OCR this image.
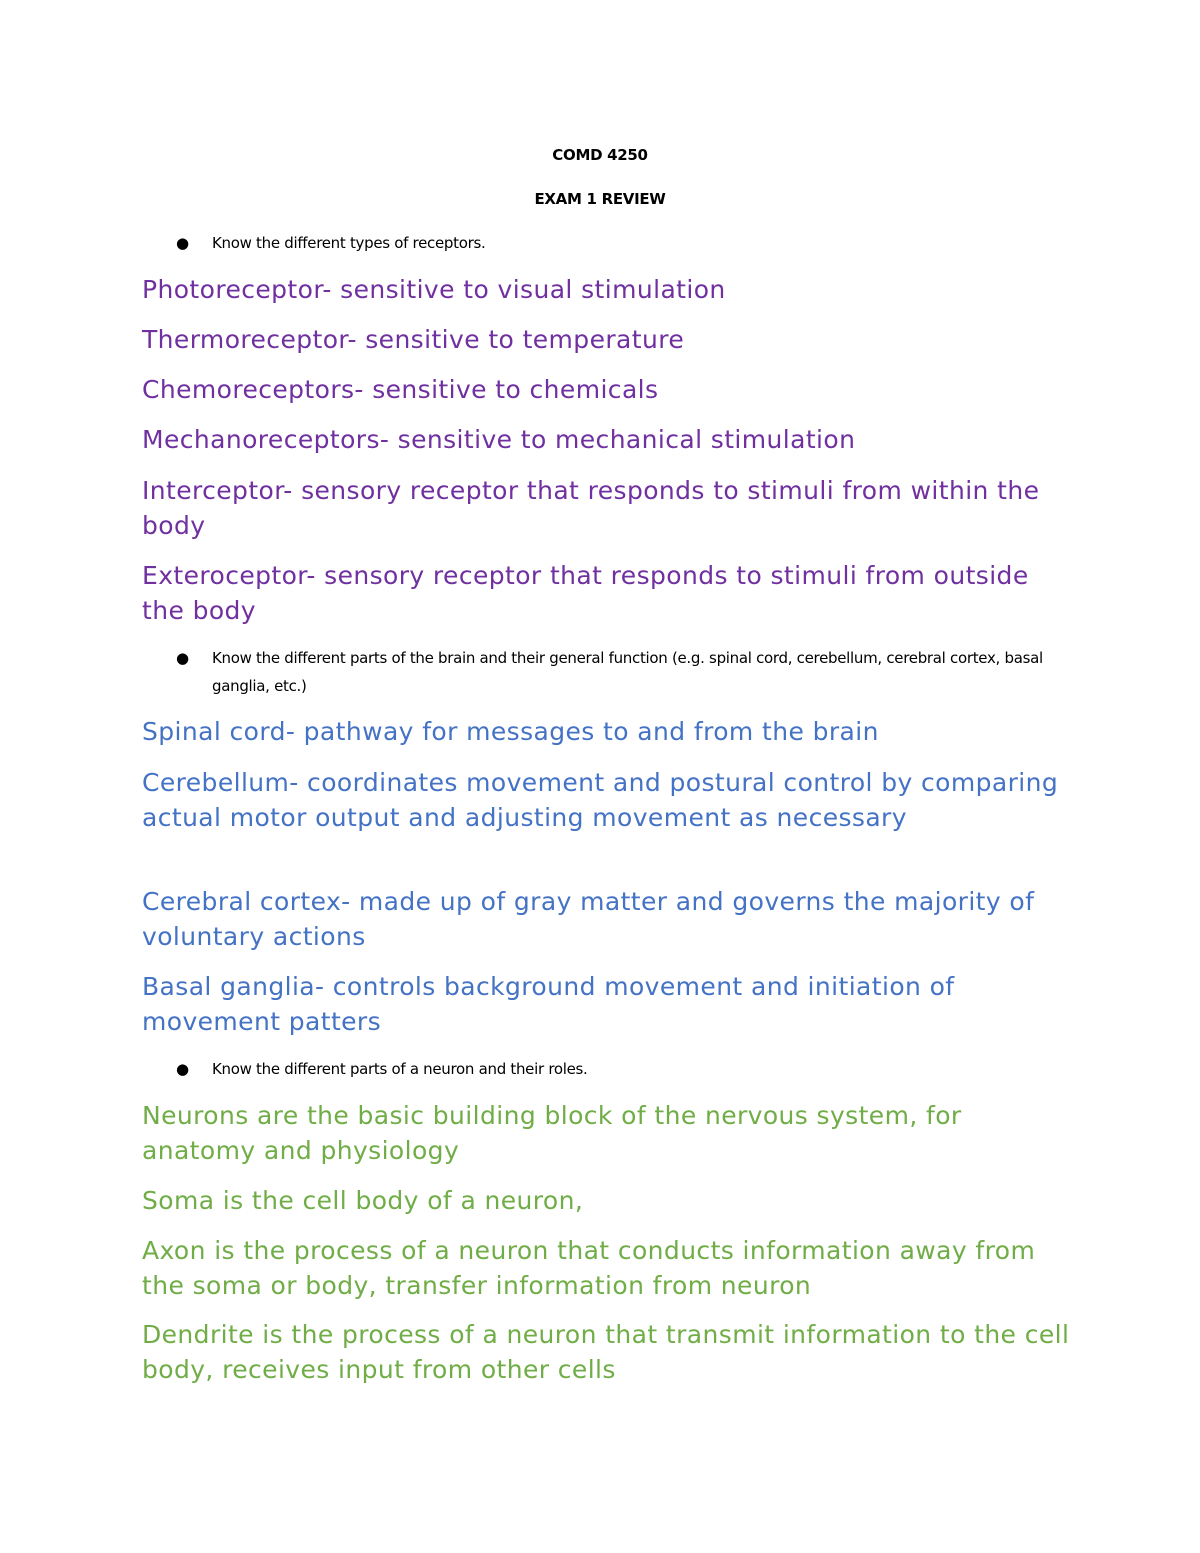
COMD 4250
EXAM 1 REVIEW
● Know the different types of receptors.
Photoreceptor- sensitive to visual stimulation
Thermoreceptor- sensitive to temperature
Chemoreceptors- sensitive to chemicals
Mechanoreceptors- sensitive to mechanical stimulation
Interceptor- sensory receptor that responds to stimuli from within the body
Exteroceptor- sensory receptor that responds to stimuli from outside the body
● Know the different parts of the brain and their general function (e.g. spinal cord, cerebellum, cerebral cortex, basal ganglia, etc.)
Spinal cord- pathway for messages to and from the brain
Cerebellum- coordinates movement and postural control by comparing actual motor output and adjusting movement as necessary
Cerebral cortex- made up of gray matter and governs the majority of voluntary actions
Basal ganglia- controls background movement and initiation of movement patters
● Know the different parts of a neuron and their roles.
Neurons are the basic building block of the nervous system, for anatomy and physiology
Soma is the cell body of a neuron,
Axon is the process of a neuron that conducts information away from the soma or body, transfer information from neuron
Dendrite is the process of a neuron that transmit information to the cell body, receives input from other cells
